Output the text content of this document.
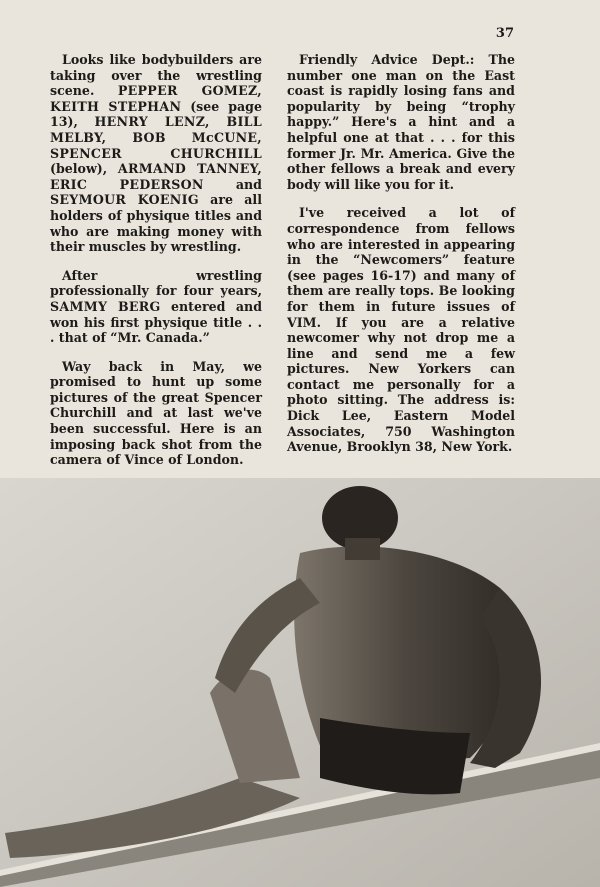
37

Looks like bodybuilders are taking over the wrestling scene. PEPPER GOMEZ, KEITH STEPHAN (see page 13), HENRY LENZ, BILL MELBY, BOB McCUNE, SPENCER CHURCHILL (below), ARMAND TANNEY, ERIC PEDERSON and SEYMOUR KOENIG are all holders of physique titles and who are making money with their muscles by wrestling.

After wrestling professionally for four years, SAMMY BERG entered and won his first physique title . . . that of “Mr. Canada.”

Way back in May, we promised to hunt up some pictures of the great Spencer Churchill and at last we've been successful. Here is an imposing back shot from the camera of Vince of London.

Friendly Advice Dept.: The number one man on the East coast is rapidly losing fans and popularity by being “trophy happy.” Here's a hint and a helpful one at that . . . for this former Jr. Mr. America. Give the other fellows a break and every body will like you for it.

I've received a lot of correspondence from fellows who are interested in appearing in the “Newcomers” feature (see pages 16-17) and many of them are really tops. Be looking for them in future issues of VIM. If you are a relative newcomer why not drop me a line and send me a few pictures. New Yorkers can contact me personally for a photo sitting. The address is: Dick Lee, Eastern Model Associates, 750 Washington Avenue, Brooklyn 38, New York.
